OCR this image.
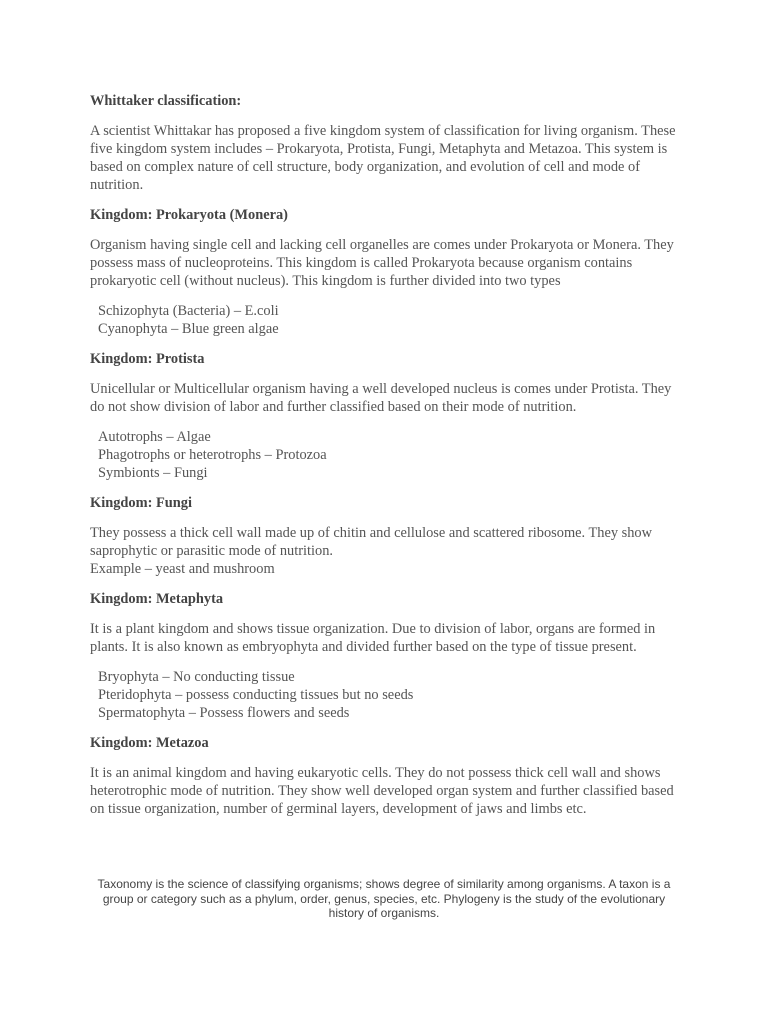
Whittaker classification:

A scientist Whittakar has proposed a five kingdom system of classification for living organism. These five kingdom system includes – Prokaryota, Protista, Fungi, Metaphyta and Metazoa. This system is based on complex nature of cell structure, body organization, and evolution of cell and mode of nutrition.

Kingdom: Prokaryota (Monera)

Organism having single cell and lacking cell organelles are comes under Prokaryota or Monera. They possess mass of nucleoproteins. This kingdom is called Prokaryota because organism contains prokaryotic cell (without nucleus). This kingdom is further divided into two types

Schizophyta (Bacteria) – E.coli
Cyanophyta – Blue green algae

Kingdom: Protista

Unicellular or Multicellular organism having a well developed nucleus is comes under Protista. They do not show division of labor and further classified based on their mode of nutrition.

Autotrophs – Algae
Phagotrophs or heterotrophs – Protozoa
Symbionts – Fungi

Kingdom: Fungi

They possess a thick cell wall made up of chitin and cellulose and scattered ribosome. They show saprophytic or parasitic mode of nutrition.
Example – yeast and mushroom

Kingdom: Metaphyta

It is a plant kingdom and shows tissue organization. Due to division of labor, organs are formed in plants. It is also known as embryophyta and divided further based on the type of tissue present.

Bryophyta – No conducting tissue
Pteridophyta – possess conducting tissues but no seeds
Spermatophyta – Possess flowers and seeds

Kingdom: Metazoa

It is an animal kingdom and having eukaryotic cells. They do not possess thick cell wall and shows heterotrophic mode of nutrition. They show well developed organ system and further classified based on tissue organization, number of germinal layers, development of jaws and limbs etc.

Taxonomy is the science of classifying organisms; shows degree of similarity among organisms. A taxon is a group or category such as a phylum, order, genus, species, etc. Phylogeny is the study of the evolutionary history of organisms.
